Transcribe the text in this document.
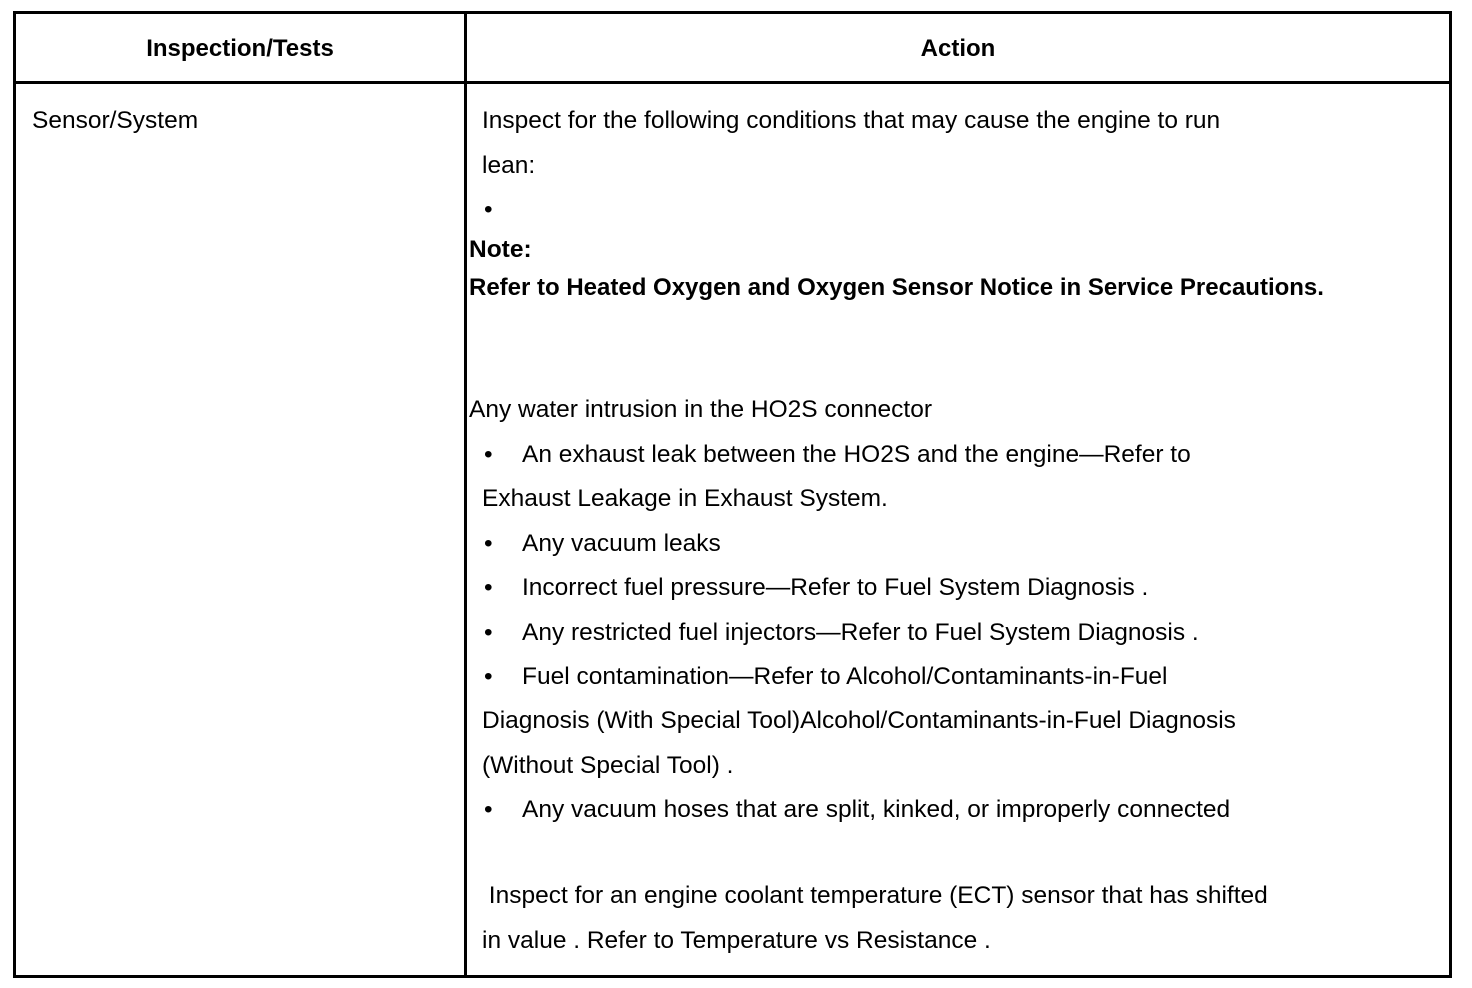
Inspection/Tests	Action
Sensor/System	Inspect for the following conditions that may cause the engine to run
lean:
•
Note:
Refer to Heated Oxygen and Oxygen Sensor Notice in Service Precautions.
Any water intrusion in the HO2S connector
• An exhaust leak between the HO2S and the engine—Refer to
Exhaust Leakage in Exhaust System.
• Any vacuum leaks
• Incorrect fuel pressure—Refer to Fuel System Diagnosis .
• Any restricted fuel injectors—Refer to Fuel System Diagnosis .
• Fuel contamination—Refer to Alcohol/Contaminants-in-Fuel
Diagnosis (With Special Tool)Alcohol/Contaminants-in-Fuel Diagnosis
(Without Special Tool) .
• Any vacuum hoses that are split, kinked, or improperly connected
Inspect for an engine coolant temperature (ECT) sensor that has shifted
in value . Refer to Temperature vs Resistance .
